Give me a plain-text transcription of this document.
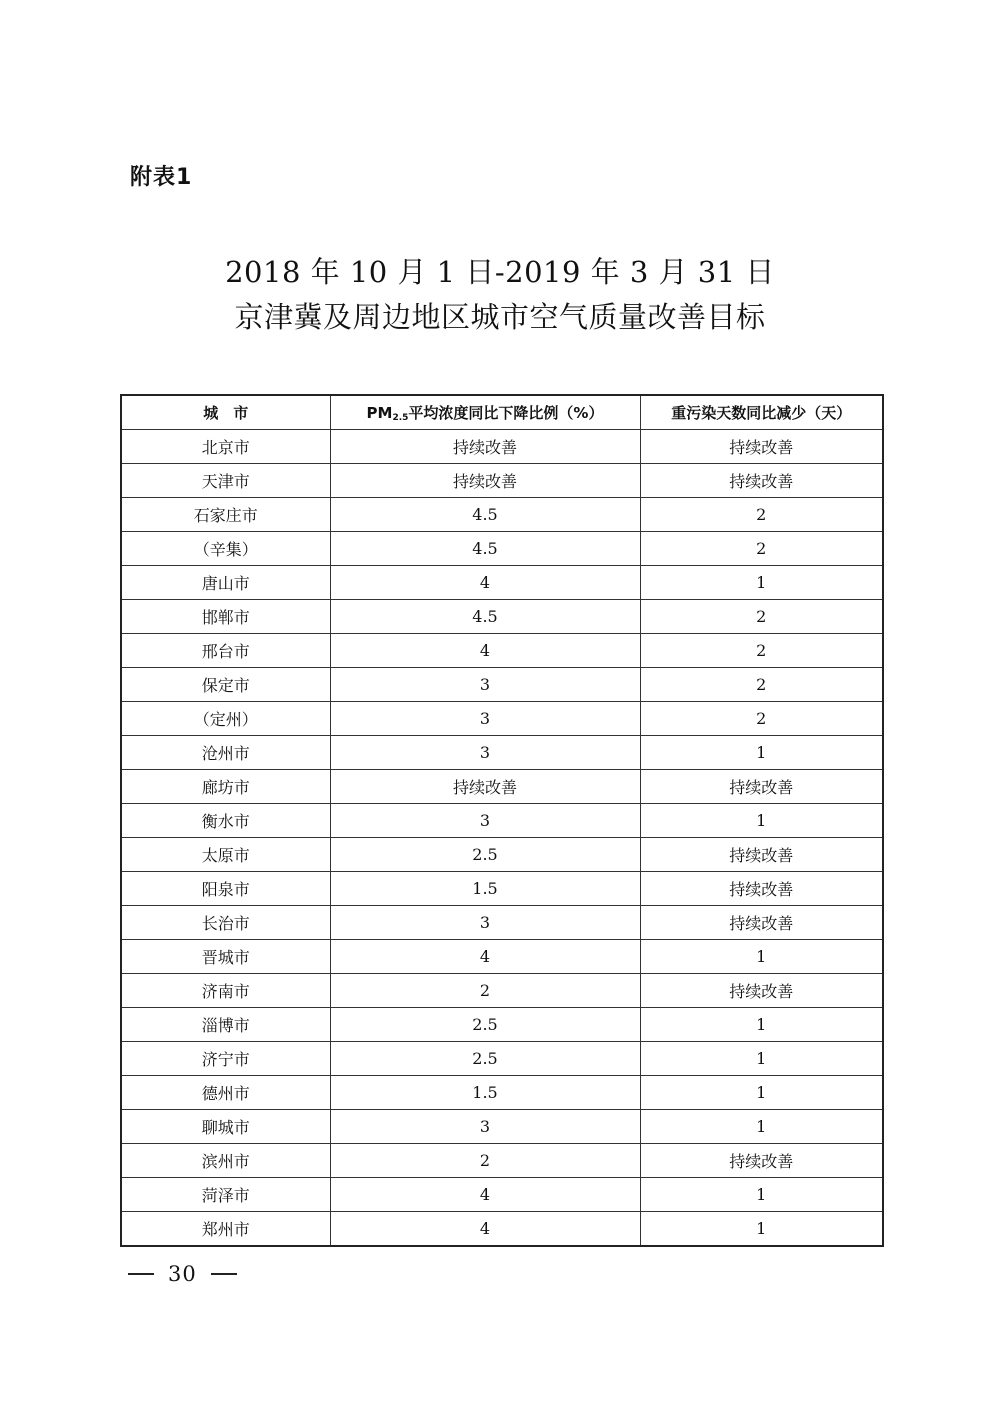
附表1
2018 年 10 月 1 日-2019 年 3 月 31 日
京津冀及周边地区城市空气质量改善目标
城　市	$PM_{2.5}$平均浓度同比下降比例（%）	重污染天数同比减少（天）
北京市	持续改善	持续改善
天津市	持续改善	持续改善
石家庄市	4.5	2
（辛集）	4.5	2
唐山市	4	1
邯郸市	4.5	2
邢台市	4	2
保定市	3	2
（定州）	3	2
沧州市	3	1
廊坊市	持续改善	持续改善
衡水市	3	1
太原市	2.5	持续改善
阳泉市	1.5	持续改善
长治市	3	持续改善
晋城市	4	1
济南市	2	持续改善
淄博市	2.5	1
济宁市	2.5	1
德州市	1.5	1
聊城市	3	1
滨州市	2	持续改善
菏泽市	4	1
郑州市	4	1
30
